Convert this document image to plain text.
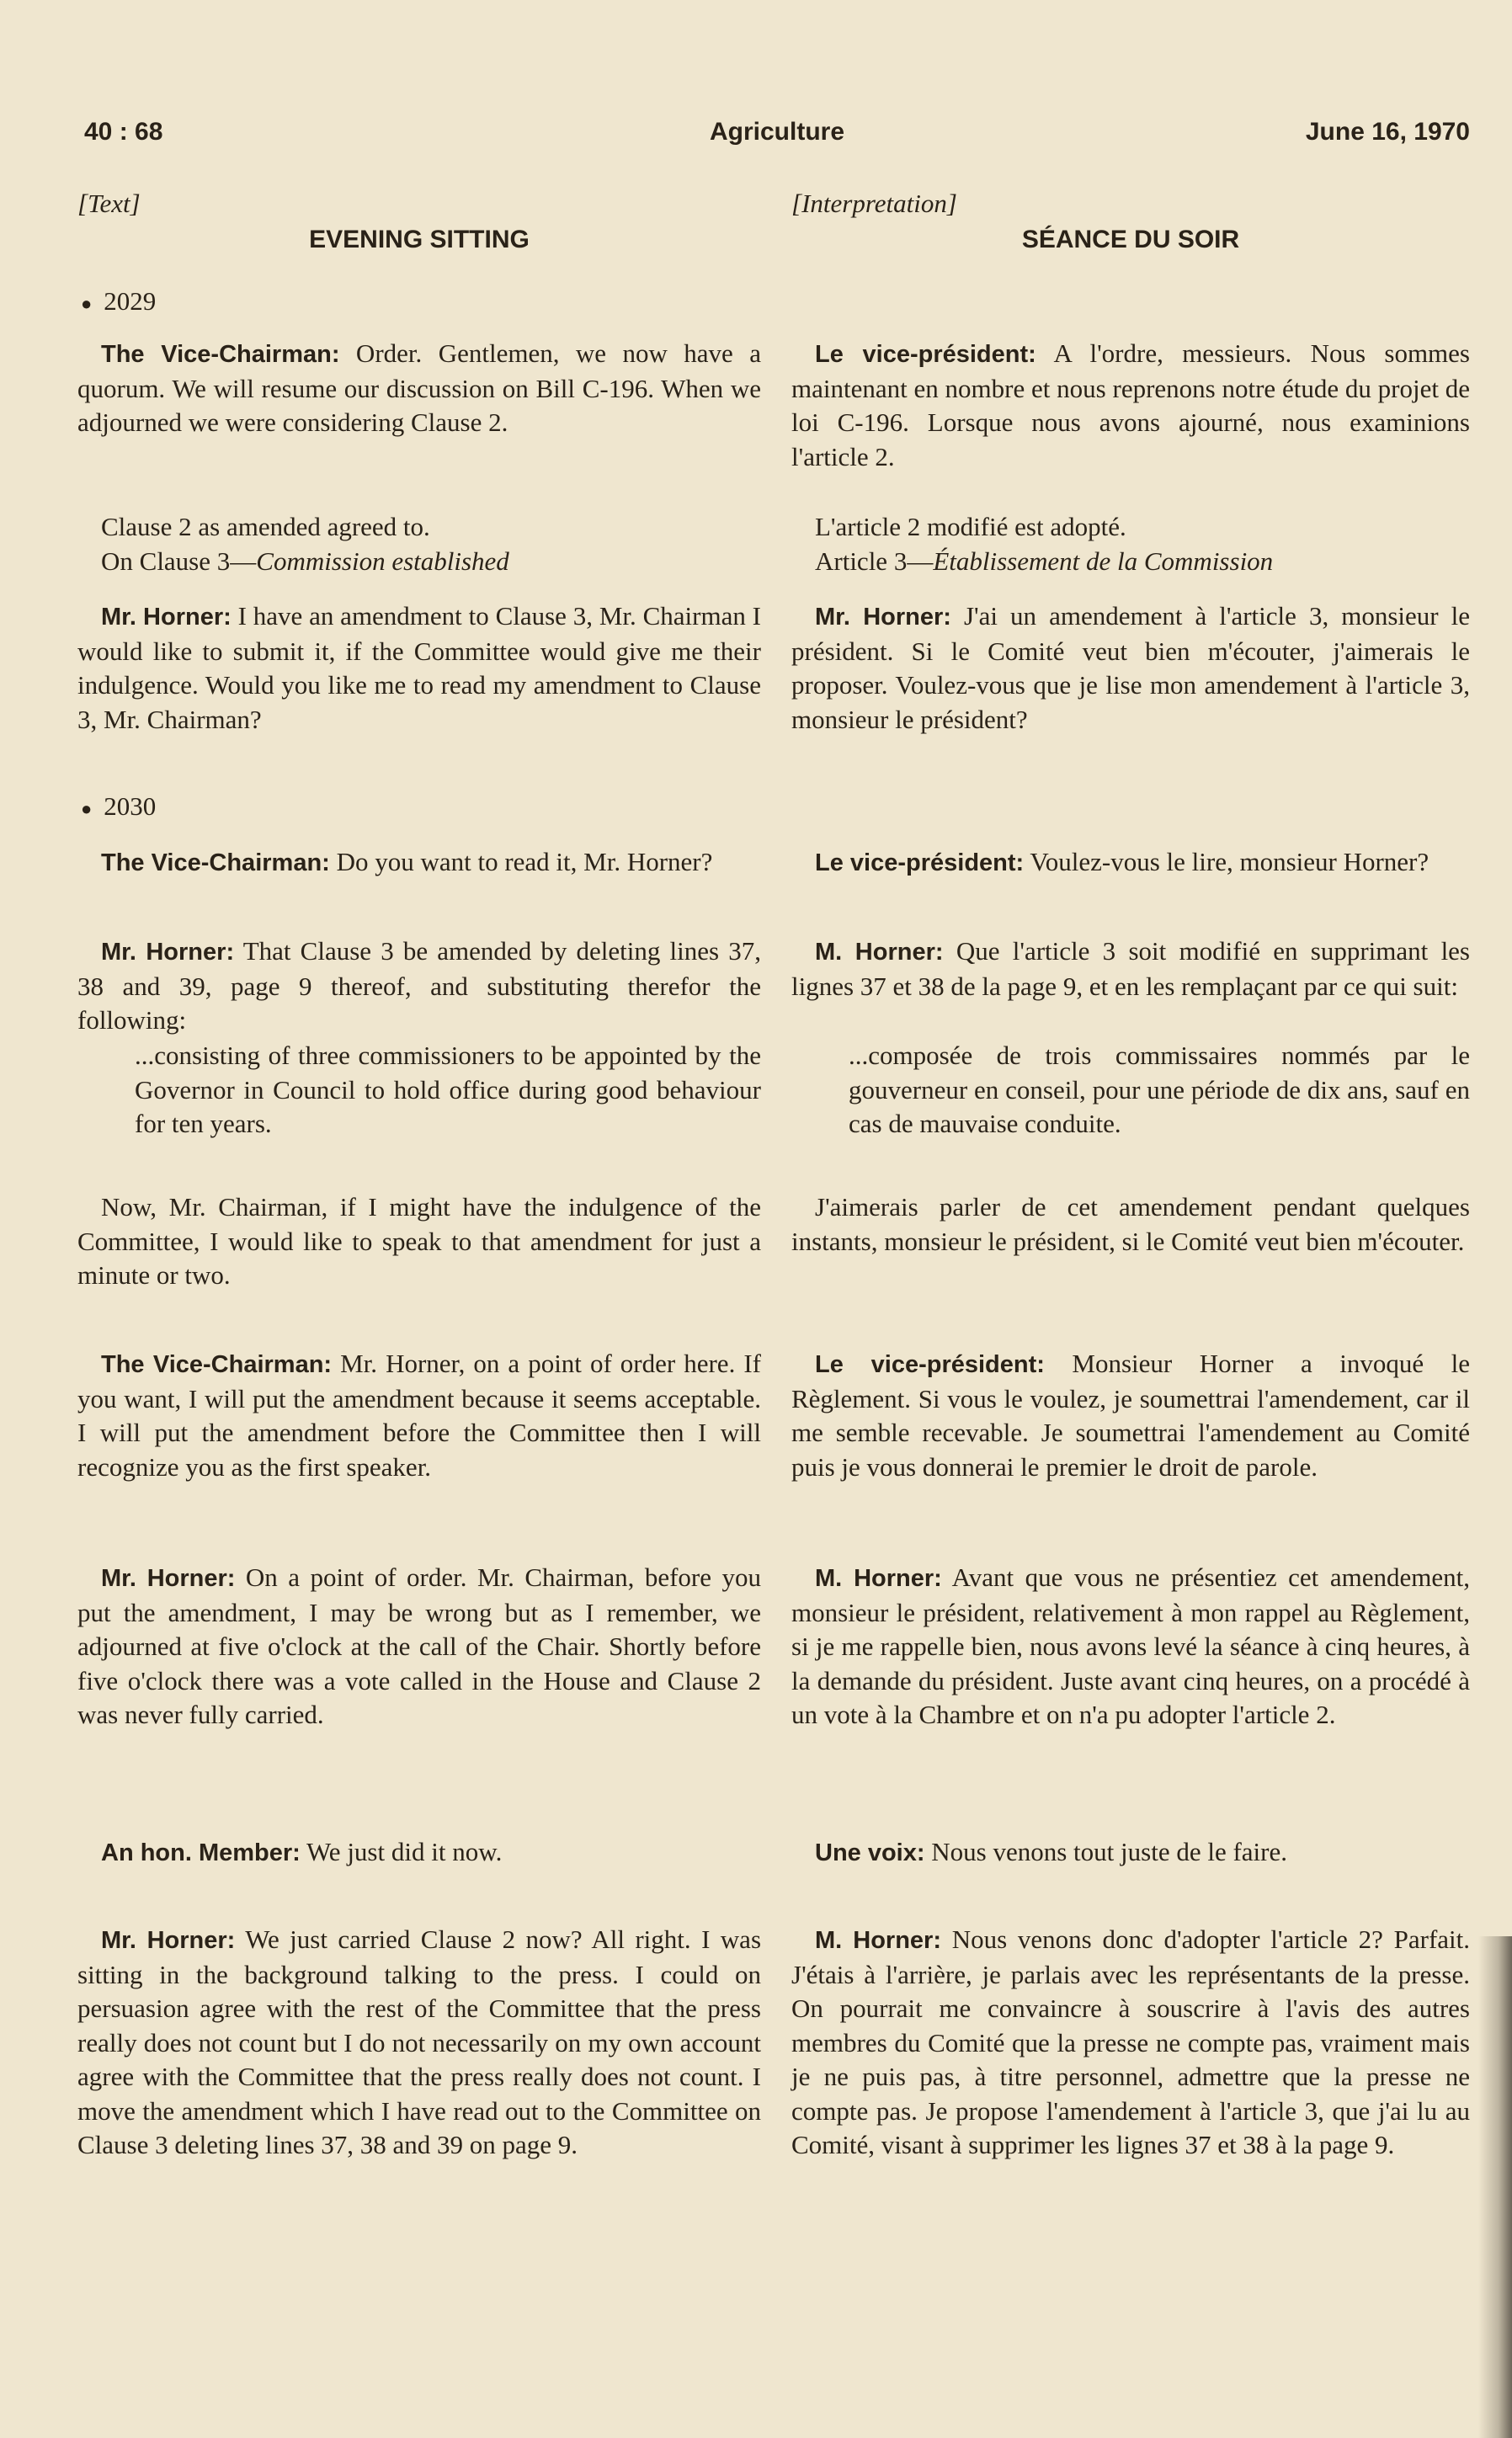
40 : 68	Agriculture	June 16, 1970
[Text]
EVENING SITTING
● 2029
The Vice-Chairman: Order. Gentlemen, we now have a quorum. We will resume our discussion on Bill C-196. When we adjourned we were considering Clause 2.
Clause 2 as amended agreed to.
On Clause 3—Commission established
Mr. Horner: I have an amendment to Clause 3, Mr. Chairman I would like to submit it, if the Committee would give me their indulgence. Would you like me to read my amendment to Clause 3, Mr. Chairman?
● 2030
The Vice-Chairman: Do you want to read it, Mr. Horner?
Mr. Horner: That Clause 3 be amended by deleting lines 37, 38 and 39, page 9 thereof, and substituting therefor the following:
...consisting of three commissioners to be appointed by the Governor in Council to hold office during good behaviour for ten years.
Now, Mr. Chairman, if I might have the indulgence of the Committee, I would like to speak to that amendment for just a minute or two.
The Vice-Chairman: Mr. Horner, on a point of order here. If you want, I will put the amendment because it seems acceptable. I will put the amendment before the Committee then I will recognize you as the first speaker.
Mr. Horner: On a point of order. Mr. Chairman, before you put the amendment, I may be wrong but as I remember, we adjourned at five o'clock at the call of the Chair. Shortly before five o'clock there was a vote called in the House and Clause 2 was never fully carried.
An hon. Member: We just did it now.
Mr. Horner: We just carried Clause 2 now? All right. I was sitting in the background talking to the press. I could on persuasion agree with the rest of the Committee that the press really does not count but I do not necessarily on my own account agree with the Committee that the press really does not count. I move the amendment which I have read out to the Committee on Clause 3 deleting lines 37, 38 and 39 on page 9.
[Interpretation]
SÉANCE DU SOIR
Le vice-président: A l'ordre, messieurs. Nous sommes maintenant en nombre et nous reprenons notre étude du projet de loi C-196. Lorsque nous avons ajourné, nous examinions l'article 2.
L'article 2 modifié est adopté.
Article 3—Établissement de la Commission
Mr. Horner: J'ai un amendement à l'article 3, monsieur le président. Si le Comité veut bien m'écouter, j'aimerais le proposer. Voulez-vous que je lise mon amendement à l'article 3, monsieur le président?
Le vice-président: Voulez-vous le lire, monsieur Horner?
M. Horner: Que l'article 3 soit modifié en supprimant les lignes 37 et 38 de la page 9, et en les remplaçant par ce qui suit:
...composée de trois commissaires nommés par le gouverneur en conseil, pour une période de dix ans, sauf en cas de mauvaise conduite.
J'aimerais parler de cet amendement pendant quelques instants, monsieur le président, si le Comité veut bien m'écouter.
Le vice-président: Monsieur Horner a invoqué le Règlement. Si vous le voulez, je soumettrai l'amendement, car il me semble recevable. Je soumettrai l'amendement au Comité puis je vous donnerai le premier le droit de parole.
M. Horner: Avant que vous ne présentiez cet amendement, monsieur le président, relativement à mon rappel au Règlement, si je me rappelle bien, nous avons levé la séance à cinq heures, à la demande du président. Juste avant cinq heures, on a procédé à un vote à la Chambre et on n'a pu adopter l'article 2.
Une voix: Nous venons tout juste de le faire.
M. Horner: Nous venons donc d'adopter l'article 2? Parfait. J'étais à l'arrière, je parlais avec les représentants de la presse. On pourrait me convaincre à souscrire à l'avis des autres membres du Comité que la presse ne compte pas, vraiment mais je ne puis pas, à titre personnel, admettre que la presse ne compte pas. Je propose l'amendement à l'article 3, que j'ai lu au Comité, visant à supprimer les lignes 37 et 38 à la page 9.
